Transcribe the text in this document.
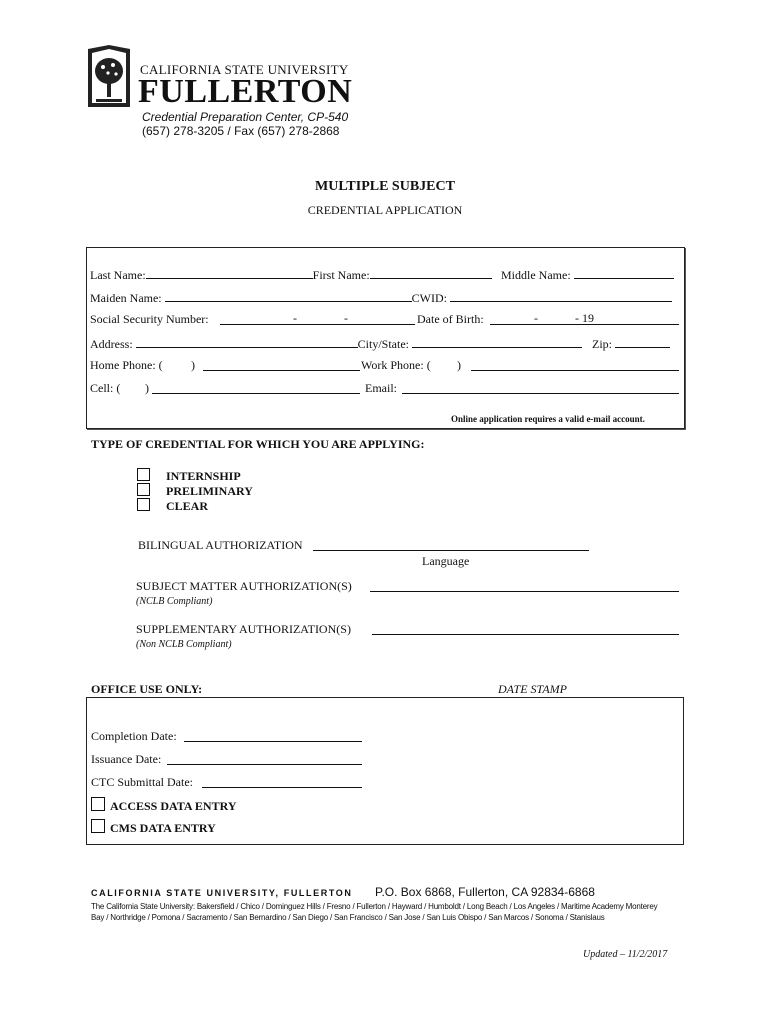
CALIFORNIA STATE UNIVERSITY
FULLERTON
Credential Preparation Center, CP-540
(657) 278-3205 / Fax (657) 278-2868
MULTIPLE SUBJECT
CREDENTIAL APPLICATION
Last Name:	First Name:	Middle Name:
Maiden Name:	CWID:
Social Security Number:	-	-	Date of Birth:	-	- 19
Address:	City/State:	Zip:
Home Phone: ( )	Work Phone: ( )
Cell: ( )	Email:
Online application requires a valid e-mail account.
TYPE OF CREDENTIAL FOR WHICH YOU ARE APPLYING:
INTERNSHIP
PRELIMINARY
CLEAR
BILINGUAL AUTHORIZATION
Language
SUBJECT MATTER AUTHORIZATION(S)
(NCLB Compliant)
SUPPLEMENTARY AUTHORIZATION(S)
(Non NCLB Compliant)
OFFICE USE ONLY:	DATE STAMP
Completion Date:
Issuance Date:
CTC Submittal Date:
ACCESS DATA ENTRY
CMS DATA ENTRY
CALIFORNIA STATE UNIVERSITY, FULLERTON P.O. Box 6868, Fullerton, CA 92834-6868
The California State University: Bakersfield / Chico / Dominguez Hills / Fresno / Fullerton / Hayward / Humboldt / Long Beach / Los Angeles / Maritime Academy Monterey Bay / Northridge / Pomona / Sacramento / San Bernardino / San Diego / San Francisco / San Jose / San Luis Obispo / San Marcos / Sonoma / Stanislaus
Updated – 11/2/2017
